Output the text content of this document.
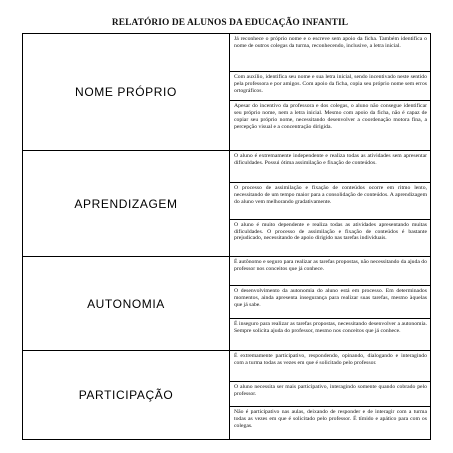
RELATÓRIO DE ALUNOS DA EDUCAÇÃO INFANTIL
NOME PRÓPRIO	Já reconhece o próprio nome e o escreve sem apoio da ficha. Também identifica o nome de outros colegas da turma, reconhecendo, inclusive, a letra inicial.
	Com auxílio, identifica seu nome e sua letra inicial, sendo incentivado neste sentido pela professora e por amigos. Com apoio da ficha, copia seu próprio nome sem erros ortográficos.
	Apesar do incentivo da professora e dos colegas, o aluno não consegue identificar seu próprio nome, nem a letra inicial. Mesmo com apoio da ficha, não é capaz de copiar seu próprio nome, necessitando desenvolver a coordenação motora fina, a percepção visual e a concentração dirigida.
APRENDIZAGEM	O aluno é extremamente independente e realiza todas as atividades sem apresentar dificuldades. Possui ótima assimilação e fixação de conteúdos.
	O processo de assimilação e fixação de conteúdos ocorre em ritmo lento, necessitando de um tempo maior para a consolidação de conteúdos. A aprendizagem do aluno vem melhorando gradativamente.
	O aluno é muito dependente e realiza todas as atividades apresentando muitas dificuldades. O processo de assimilação e fixação de conteúdos é bastante prejudicado, necessitando de apoio dirigido nas tarefas individuais.
AUTONOMIA	É autônomo e seguro para realizar as tarefas propostas, não necessitando da ajuda do professor nos conceitos que já conhece.
	O desenvolvimento da autonomia do aluno está em processo. Em determinados momentos, ainda apresenta insegurança para realizar suas tarefas, mesmo àquelas que já sabe.
	É inseguro para realizar as tarefas propostas, necessitando desenvolver a autonomia. Sempre solicita ajuda do professor, mesmo nos conceitos que já conhece.
PARTICIPAÇÃO	É extremamente participativo, respondendo, opinando, dialogando e interagindo com a turma todas as vezes em que é solicitado pelo professor.
	O aluno necessita ser mais participativo, interagindo somente quando cobrado pelo professor.
	Não é participativo nas aulas, deixando de responder e de interagir com a turma todas as vezes em que é solicitado pelo professor. É tímido e apático para com os colegas.
